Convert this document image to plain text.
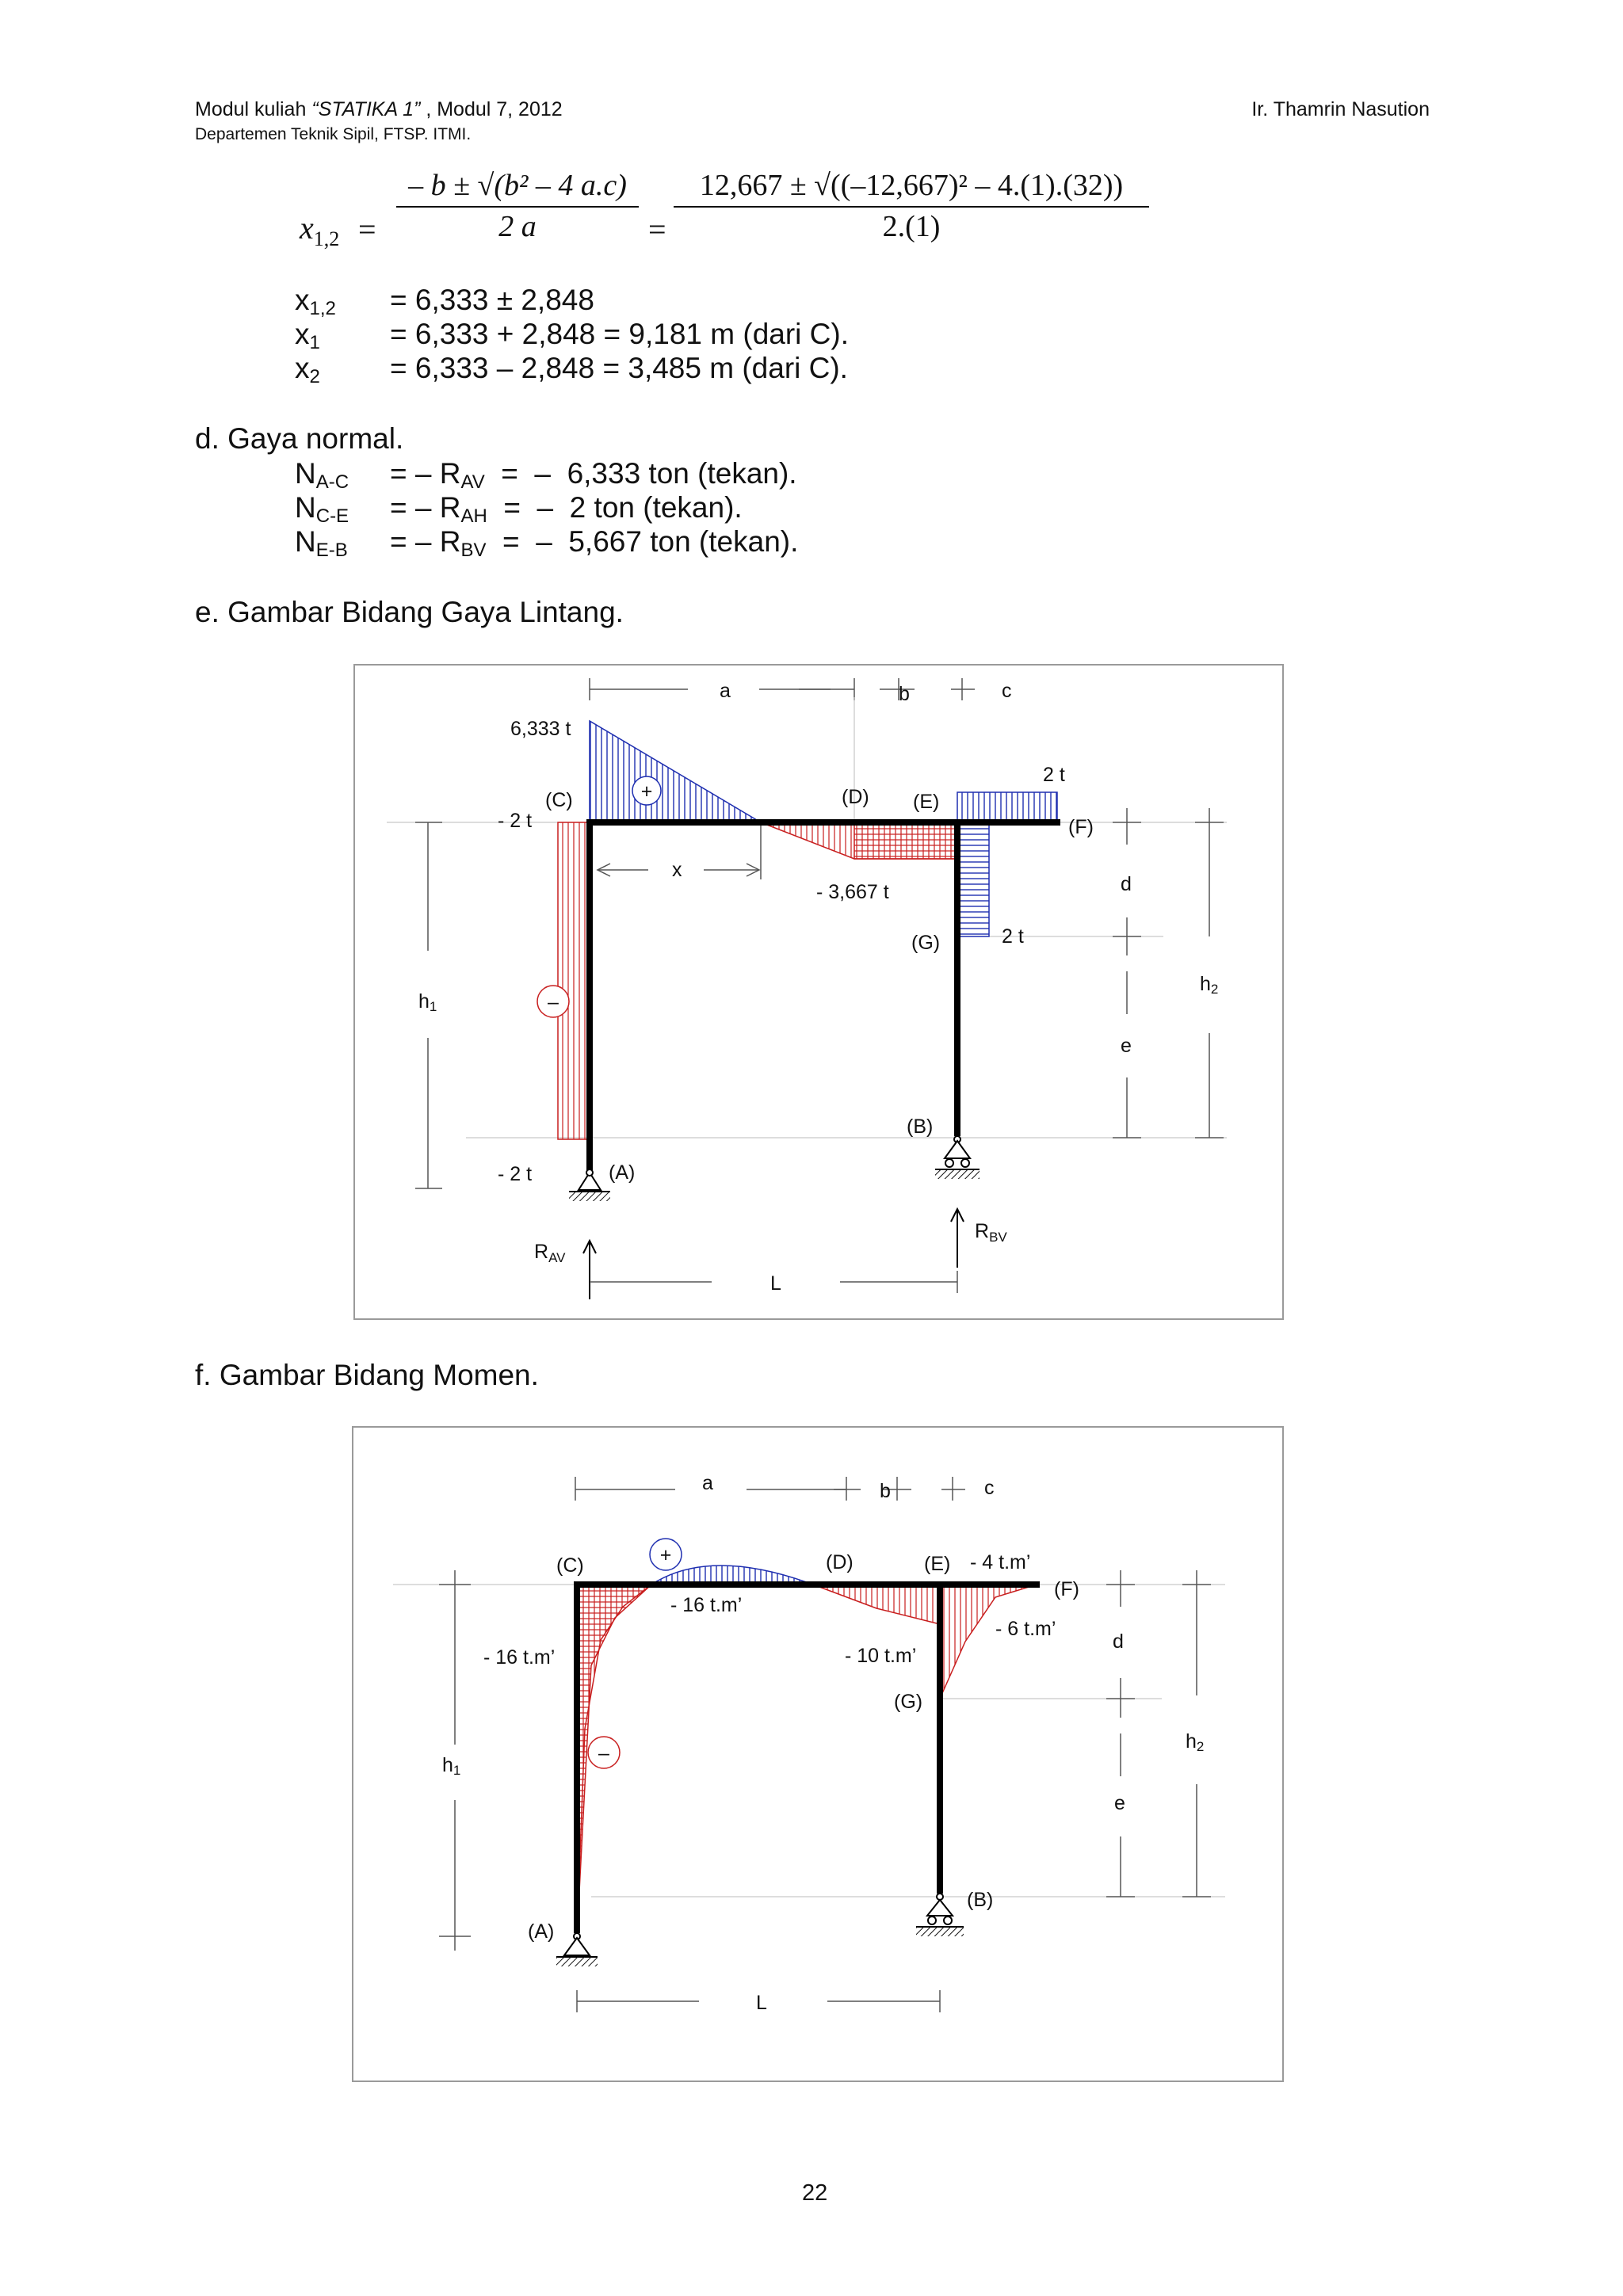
Modul kuliah “STATIKA 1” , Modul 7, 2012
Departemen Teknik Sipil, FTSP. ITMI.
Ir. Thamrin Nasution
$x_{1,2} = \frac{\text{– b ± √(b² – 4 a.c)}}{2 a} = \frac{\text{12,667 ± √((–12,667)² – 4.(1).(32))}}{2.(1)}$
$x_{1,2} = 6,333 \pm 2,848$
$x_1 = 6,333 + 2,848 = 9,181$ m (dari C).
$x_2 = 6,333 - 2,848 = 3,485$ m (dari C).
d. Gaya normal.
$N_{A-C}$ = – $R_{AV}$  =  –  6,333 ton (tekan).
$N_{C-E}$ = – $R_{AH}$  =  –  2 ton (tekan).
$N_{E-B}$ = – $R_{BV}$  =  –  5,667 ton (tekan).
e. Gambar Bidang Gaya Lintang.
a	b	c
h1
d
e
h2
x
$R_{AV}$
$R_{BV}$
L
(C)	(D) (E)
(F)
(G)
(B)
(A)
6,333 t
- 2 t
- 2 t
2 t
2 t
- 3,667 t
+
–
f. Gambar Bidang Momen.
a	b	c
h1
d
e
h2
L
(C)	(D)	(E)
(F)
(G)
(B)
(A)
- 16 t.m’
- 16 t.m’
- 10 t.m’
- 6 t.m’
- 4 t.m’
+
–
22
